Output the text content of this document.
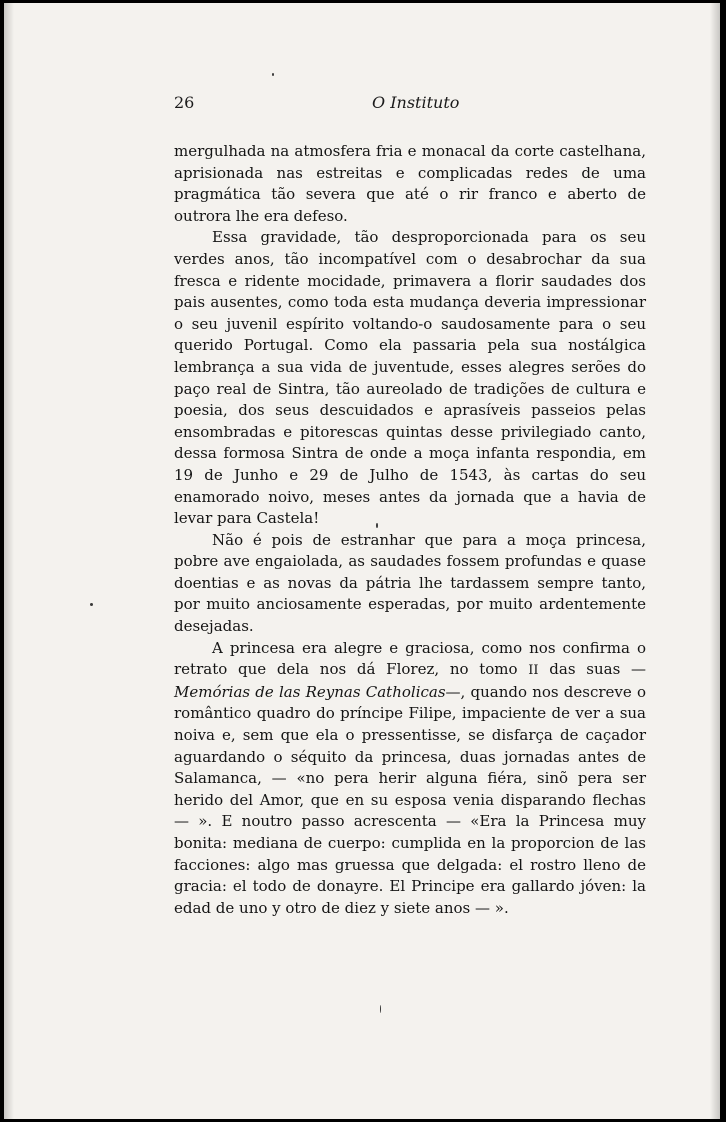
26	O Instituto

mergulhada na atmosfera fria e monacal da corte castelhana, aprisionada nas estreitas e complicadas redes de uma pragmática tão severa que até o rir franco e aberto de outrora lhe era defeso.

Essa gravidade, tão desproporcionada para os seu verdes anos, tão incompatível com o desabrochar da sua fresca e ridente mocidade, primavera a florir saudades dos pais ausentes, como toda esta mudança deveria impressionar o seu juvenil espírito voltando-o saudosamente para o seu querido Portugal. Como ela passaria pela sua nostálgica lembrança a sua vida de juventude, esses alegres serões do paço real de Sintra, tão aureolado de tradições de cultura e poesia, dos seus descuidados e aprasíveis passeios pelas ensombradas e pitorescas quintas desse privilegiado canto, dessa formosa Sintra de onde a moça infanta respondia, em 19 de Junho e 29 de Julho de 1543, às cartas do seu enamorado noivo, meses antes da jornada que a havia de levar para Castela!

Não é pois de estranhar que para a moça princesa, pobre ave engaiolada, as saudades fossem profundas e quase doentias e as novas da pátria lhe tardassem sempre tanto, por muito anciosamente esperadas, por muito ardentemente desejadas.

A princesa era alegre e graciosa, como nos confirma o retrato que dela nos dá Florez, no tomo II das suas — Memórias de las Reynas Catholicas—, quando nos descreve o romântico quadro do príncipe Filipe, impaciente de ver a sua noiva e, sem que ela o pressentisse, se disfarça de caçador aguardando o séquito da princesa, duas jornadas antes de Salamanca, — «no pera herir alguna fiéra, sinõ pera ser herido del Amor, que en su esposa venia disparando flechas — ». E noutro passo acrescenta — «Era la Princesa muy bonita: mediana de cuerpo: cumplida en la proporcion de las facciones: algo mas gruessa que delgada: el rostro lleno de gracia: el todo de donayre. El Principe era gallardo jóven: la edad de uno y otro de diez y siete anos — ».
